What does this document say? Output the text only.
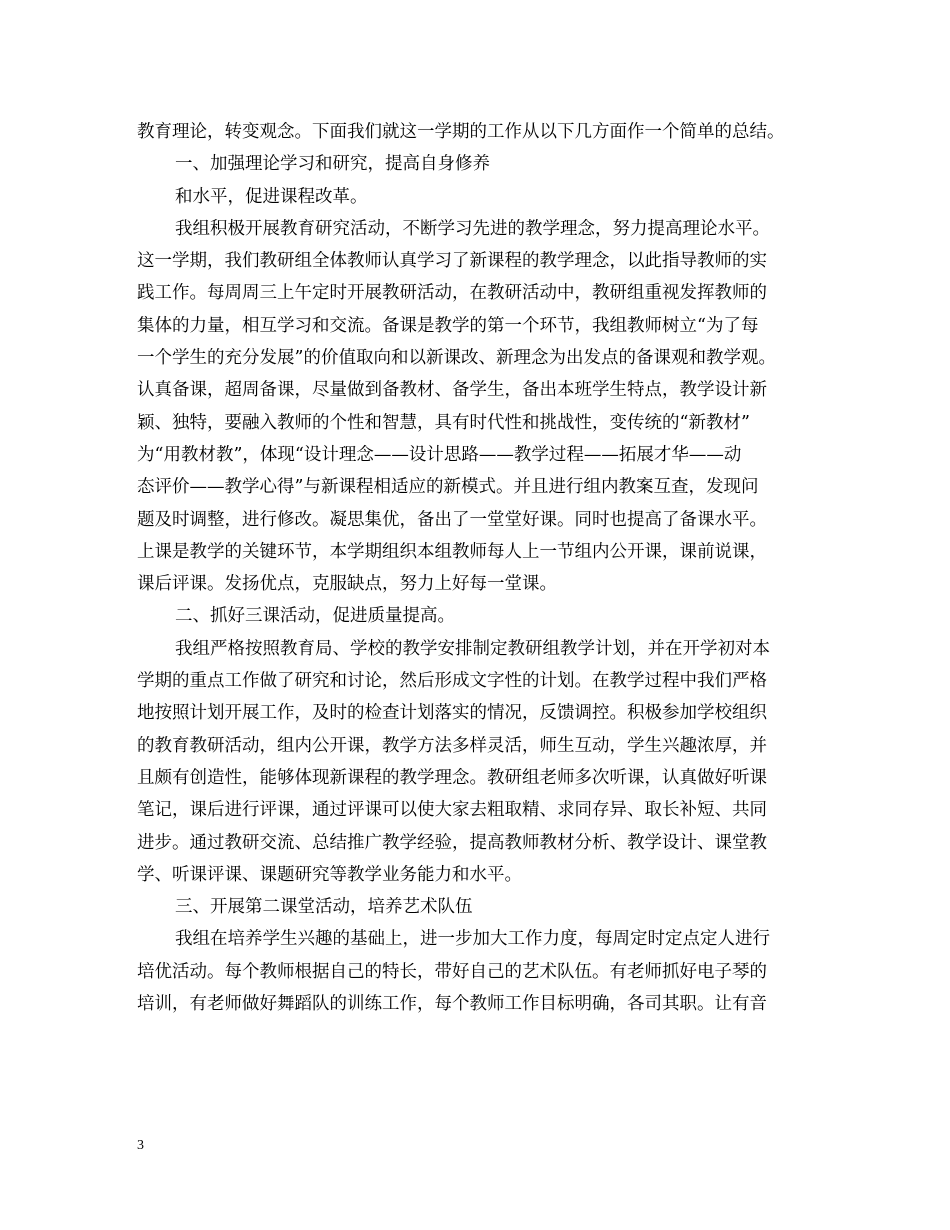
教育理论，转变观念。下面我们就这一学期的工作从以下几方面作一个简单的总结。
一、加强理论学习和研究，提高自身修养
和水平，促进课程改革。
我组积极开展教育研究活动，不断学习先进的教学理念，努力提高理论水平。
这一学期，我们教研组全体教师认真学习了新课程的教学理念，以此指导教师的实
践工作。每周周三上午定时开展教研活动，在教研活动中，教研组重视发挥教师的
集体的力量，相互学习和交流。备课是教学的第一个环节，我组教师树立“为了每
一个学生的充分发展”的价值取向和以新课改、新理念为出发点的备课观和教学观。
认真备课，超周备课，尽量做到备教材、备学生，备出本班学生特点，教学设计新
颖、独特，要融入教师的个性和智慧，具有时代性和挑战性，变传统的“新教材”
为“用教材教”，体现“设计理念——设计思路——教学过程——拓展才华——动
态评价——教学心得”与新课程相适应的新模式。并且进行组内教案互查，发现问
题及时调整，进行修改。凝思集优，备出了一堂堂好课。同时也提高了备课水平。
上课是教学的关键环节，本学期组织本组教师每人上一节组内公开课，课前说课，
课后评课。发扬优点，克服缺点，努力上好每一堂课。
二、抓好三课活动，促进质量提高。
我组严格按照教育局、学校的教学安排制定教研组教学计划，并在开学初对本
学期的重点工作做了研究和讨论，然后形成文字性的计划。在教学过程中我们严格
地按照计划开展工作，及时的检查计划落实的情况，反馈调控。积极参加学校组织
的教育教研活动，组内公开课，教学方法多样灵活，师生互动，学生兴趣浓厚，并
且颇有创造性，能够体现新课程的教学理念。教研组老师多次听课，认真做好听课
笔记，课后进行评课，通过评课可以使大家去粗取精、求同存异、取长补短、共同
进步。通过教研交流、总结推广教学经验，提高教师教材分析、教学设计、课堂教
学、听课评课、课题研究等教学业务能力和水平。
三、开展第二课堂活动，培养艺术队伍
我组在培养学生兴趣的基础上，进一步加大工作力度，每周定时定点定人进行
培优活动。每个教师根据自己的特长，带好自己的艺术队伍。有老师抓好电子琴的
培训，有老师做好舞蹈队的训练工作，每个教师工作目标明确，各司其职。让有音
3
